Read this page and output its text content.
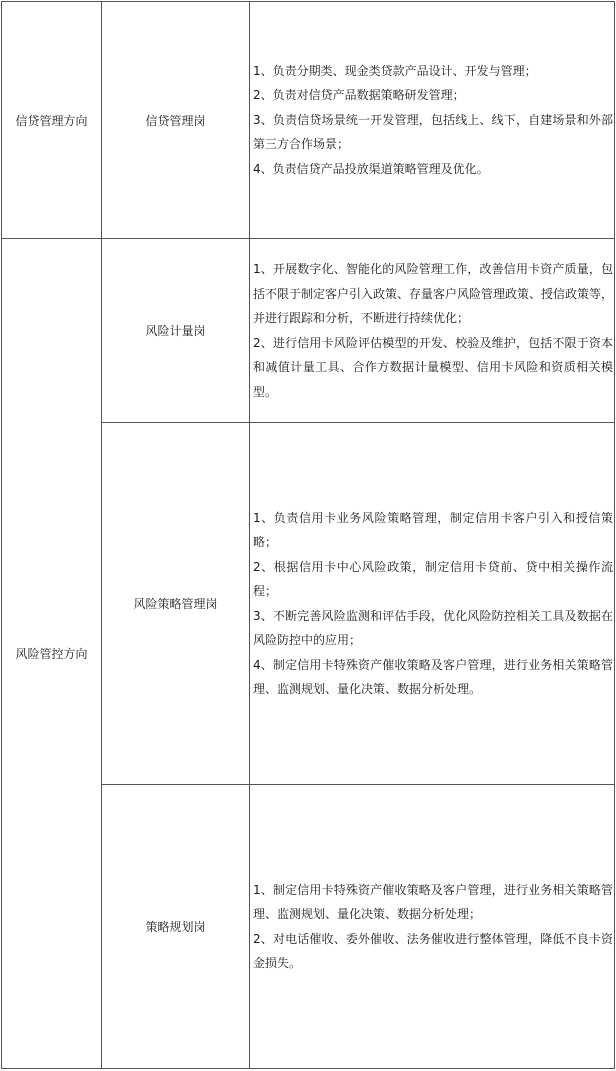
信贷管理方向	信贷管理岗	1、负责分期类、现金类贷款产品设计、开发与管理；
2、负责对信贷产品数据策略研发管理；
3、负责信贷场景统一开发管理，包括线上、线下，自建场景和外部第三方合作场景；
4、负责信贷产品投放渠道策略管理及优化。

风险管控方向	风险计量岗	1、开展数字化、智能化的风险管理工作，改善信用卡资产质量，包括不限于制定客户引入政策、存量客户风险管理政策、授信政策等，并进行跟踪和分析，不断进行持续优化；
2、进行信用卡风险评估模型的开发、校验及维护，包括不限于资本和减值计量工具、合作方数据计量模型、信用卡风险和资质相关模型。

	风险策略管理岗	1、负责信用卡业务风险策略管理，制定信用卡客户引入和授信策略；
2、根据信用卡中心风险政策，制定信用卡贷前、贷中相关操作流程；
3、不断完善风险监测和评估手段，优化风险防控相关工具及数据在风险防控中的应用；
4、制定信用卡特殊资产催收策略及客户管理，进行业务相关策略管理、监测规划、量化决策、数据分析处理。

	策略规划岗	1、制定信用卡特殊资产催收策略及客户管理，进行业务相关策略管理、监测规划、量化决策、数据分析处理；
2、对电话催收、委外催收、法务催收进行整体管理，降低不良卡资金损失。
